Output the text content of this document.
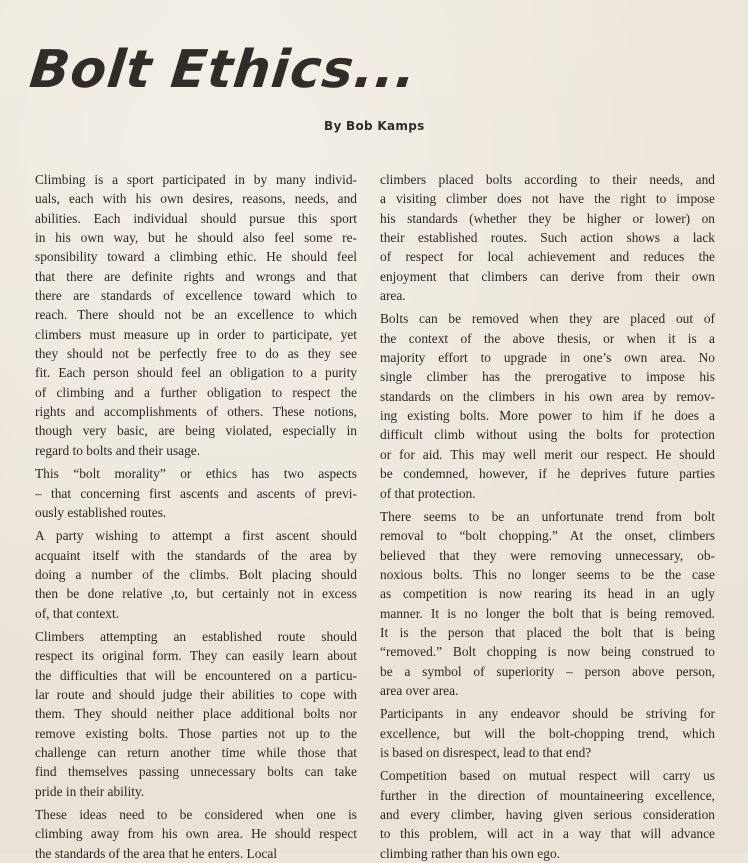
Bolt Ethics...
By Bob Kamps

Climbing is a sport participated in by many individ-
uals, each with his own desires, reasons, needs, and
abilities. Each individual should pursue this sport
in his own way, but he should also feel some re-
sponsibility toward a climbing ethic. He should feel
that there are definite rights and wrongs and that
there are standards of excellence toward which to
reach. There should not be an excellence to which
climbers must measure up in order to participate, yet
they should not be perfectly free to do as they see
fit. Each person should feel an obligation to a purity
of climbing and a further obligation to respect the
rights and accomplishments of others. These notions,
though very basic, are being violated, especially in
regard to bolts and their usage.

This “bolt morality” or ethics has two aspects
– that concerning first ascents and ascents of previ-
ously established routes.

A party wishing to attempt a first ascent should
acquaint itself with the standards of the area by
doing a number of the climbs. Bolt placing should
then be done relative ,to, but certainly not in excess
of, that context.

Climbers attempting an established route should
respect its original form. They can easily learn about
the difficulties that will be encountered on a particu-
lar route and should judge their abilities to cope with
them. They should neither place additional bolts nor
remove existing bolts. Those parties not up to the
challenge can return another time while those that
find themselves passing unnecessary bolts can take
pride in their ability.

These ideas need to be considered when one is
climbing away from his own area. He should respect
the standards of the area that he enters. Local

climbers placed bolts according to their needs, and
a visiting climber does not have the right to impose
his standards (whether they be higher or lower) on
their established routes. Such action shows a lack
of respect for local achievement and reduces the
enjoyment that climbers can derive from their own
area.

Bolts can be removed when they are placed out of
the context of the above thesis, or when it is a
majority effort to upgrade in one’s own area. No
single climber has the prerogative to impose his
standards on the climbers in his own area by remov-
ing existing bolts. More power to him if he does a
difficult climb without using the bolts for protection
or for aid. This may well merit our respect. He should
be condemned, however, if he deprives future parties
of that protection.

There seems to be an unfortunate trend from bolt
removal to “bolt chopping.” At the onset, climbers
believed that they were removing unnecessary, ob-
noxious bolts. This no longer seems to be the case
as competition is now rearing its head in an ugly
manner. It is no longer the bolt that is being removed.
It is the person that placed the bolt that is being
“removed.” Bolt chopping is now being construed to
be a symbol of superiority – person above person,
area over area.

Participants in any endeavor should be striving for
excellence, but will the bolt-chopping trend, which
is based on disrespect, lead to that end?

Competition based on mutual respect will carry us
further in the direction of mountaineering excellence,
and every climber, having given serious consideration
to this problem, will act in a way that will advance
climbing rather than his own ego.
